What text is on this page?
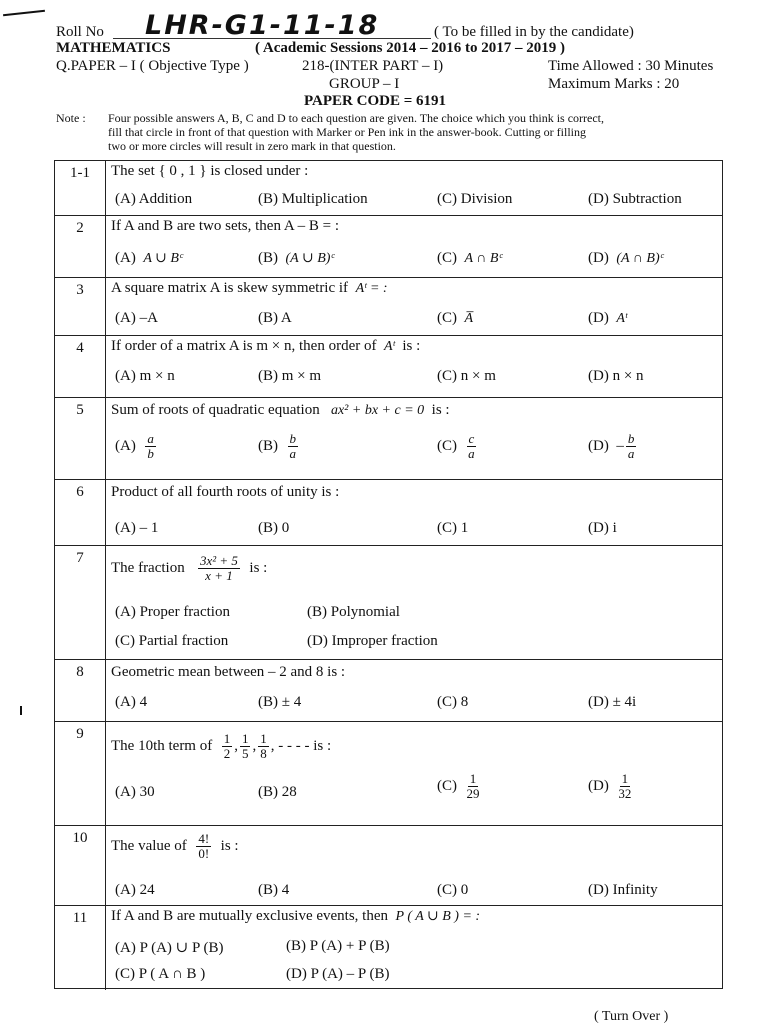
Roll No LHR-G1-11-18	( To be filled in by the candidate)
MATHEMATICS	( Academic Sessions 2014 – 2016 to 2017 – 2019 )
Q.PAPER – I ( Objective Type )	218-(INTER PART – I)	Time Allowed : 30 Minutes
GROUP – I	Maximum Marks : 20
PAPER CODE = 6191
Note : Four possible answers A, B, C and D to each question are given. The choice which you think is correct,
fill that circle in front of that question with Marker or Pen ink in the answer-book. Cutting or filling
two or more circles will result in zero mark in that question.
1-1	The set { 0 , 1 } is closed under :
(A) Addition	(B) Multiplication	(C) Division	(D) Subtraction
2	If A and B are two sets, then A – B = :
(A) A ∪ Bᶜ	(B) (A ∪ B)ᶜ	(C) A ∩ Bᶜ	(D) (A ∩ B)ᶜ
3	A square matrix A is skew symmetric if Aᵗ = :
(A) –A	(B) A	(C) A̅	(D) Aᵗ
4	If order of a matrix A is m × n, then order of Aᵗ is :
(A) m × n	(B) m × m	(C) n × m	(D) n × n
5	Sum of roots of quadratic equation ax² + bx + c = 0 is :
$(A) \frac{a}{b}$	$(B) \frac{b}{a}$	$(C) \frac{c}{a}$	$(D) - \frac{b}{a}$
6	Product of all fourth roots of unity is :
(A) – 1	(B) 0	(C) 1	(D) i
7
The fraction $\frac{\text{3x² + 5}}{x + 1}$ is :
(A) Proper fraction	(B) Polynomial
(C) Partial fraction	(D) Improper fraction
8	Geometric mean between – 2 and 8 is :
(A) 4	(B) ± 4	(C) 8	(D) ± 4i
9
The 10th term of $\frac{1}{2}$ , $\frac{1}{5}$ , $\frac{1}{8}$ , - - - - is :
(A) 30	(B) 28	$(C) \frac{1}{29}$	$(D) \frac{1}{32}$
10	The value of $\frac{4!}{0!}$ is :
(A) 24	(B) 4	(C) 0	(D) Infinity
11	If A and B are mutually exclusive events, then P ( A ∪ B ) = :
(A) P (A) ∪ P (B)	(B) P (A) + P (B)
(C) P ( A ∩ B )	(D) P (A) – P (B)
( Turn Over )
